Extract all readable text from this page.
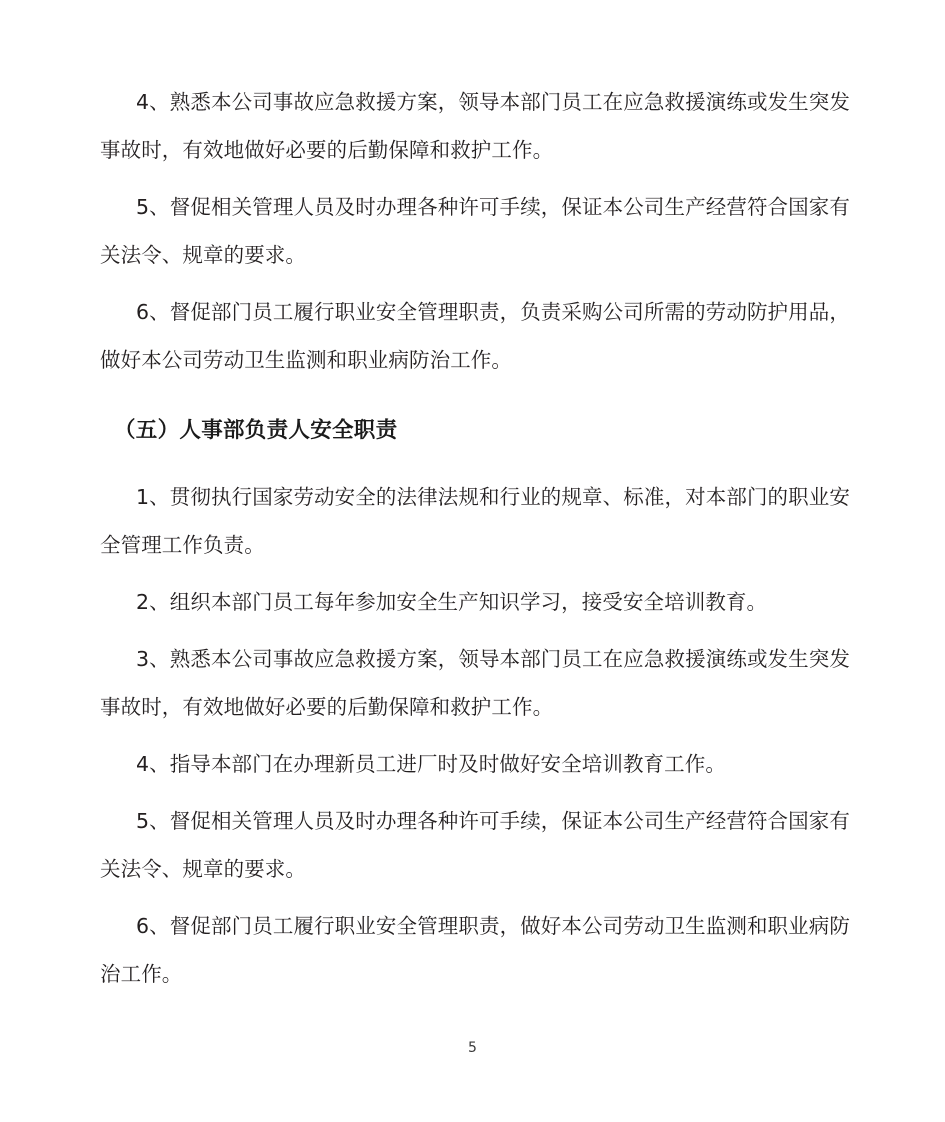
4、熟悉本公司事故应急救援方案，领导本部门员工在应急救援演练或发生突发事故时，有效地做好必要的后勤保障和救护工作。

5、督促相关管理人员及时办理各种许可手续，保证本公司生产经营符合国家有关法令、规章的要求。

6、督促部门员工履行职业安全管理职责，负责采购公司所需的劳动防护用品，做好本公司劳动卫生监测和职业病防治工作。

（五）人事部负责人安全职责

1、贯彻执行国家劳动安全的法律法规和行业的规章、标准，对本部门的职业安全管理工作负责。

2、组织本部门员工每年参加安全生产知识学习，接受安全培训教育。

3、熟悉本公司事故应急救援方案，领导本部门员工在应急救援演练或发生突发事故时，有效地做好必要的后勤保障和救护工作。

4、指导本部门在办理新员工进厂时及时做好安全培训教育工作。

5、督促相关管理人员及时办理各种许可手续，保证本公司生产经营符合国家有关法令、规章的要求。

6、督促部门员工履行职业安全管理职责，做好本公司劳动卫生监测和职业病防治工作。

5
